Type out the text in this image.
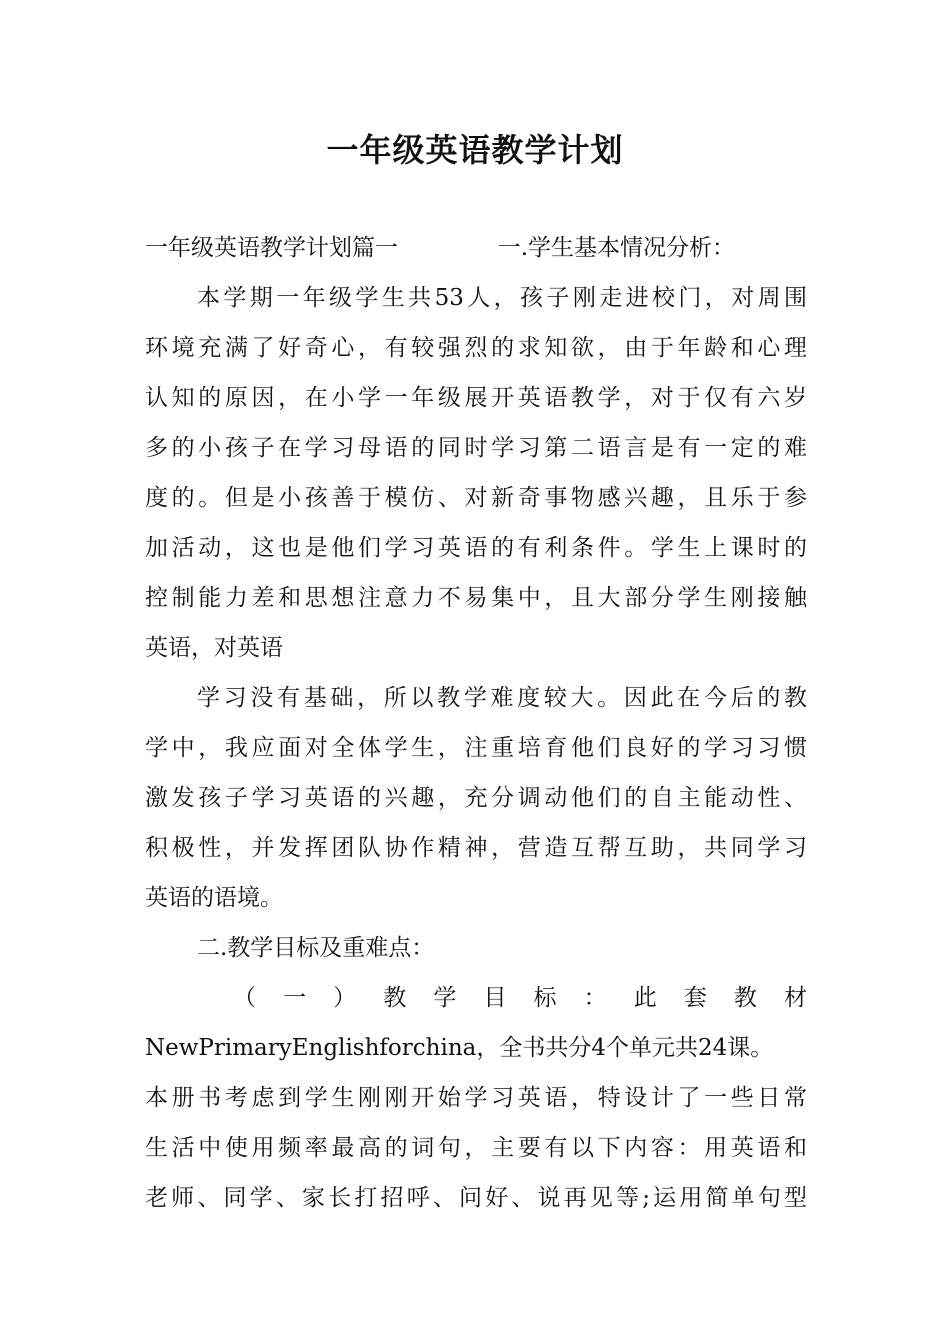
一年级英语教学计划
一年级英语教学计划篇一	一.学生基本情况分析：
本学期一年级学生共53人，孩子刚走进校门，对周围
环境充满了好奇心，有较强烈的求知欲，由于年龄和心理
认知的原因，在小学一年级展开英语教学，对于仅有六岁
多的小孩子在学习母语的同时学习第二语言是有一定的难
度的。但是小孩善于模仿、对新奇事物感兴趣，且乐于参
加活动，这也是他们学习英语的有利条件。学生上课时的
控制能力差和思想注意力不易集中，且大部分学生刚接触
英语，对英语
学习没有基础，所以教学难度较大。因此在今后的教
学中，我应面对全体学生，注重培育他们良好的学习习惯
激发孩子学习英语的兴趣，充分调动他们的自主能动性、
积极性，并发挥团队协作精神，营造互帮互助，共同学习
英语的语境。
二.教学目标及重难点：
（一）教学目标：此套教材
NewPrimaryEnglishforchina，全书共分4个单元共24课。
本册书考虑到学生刚刚开始学习英语，特设计了一些日常
生活中使用频率最高的词句，主要有以下内容：用英语和
老师、同学、家长打招呼、问好、说再见等;运用简单句型
